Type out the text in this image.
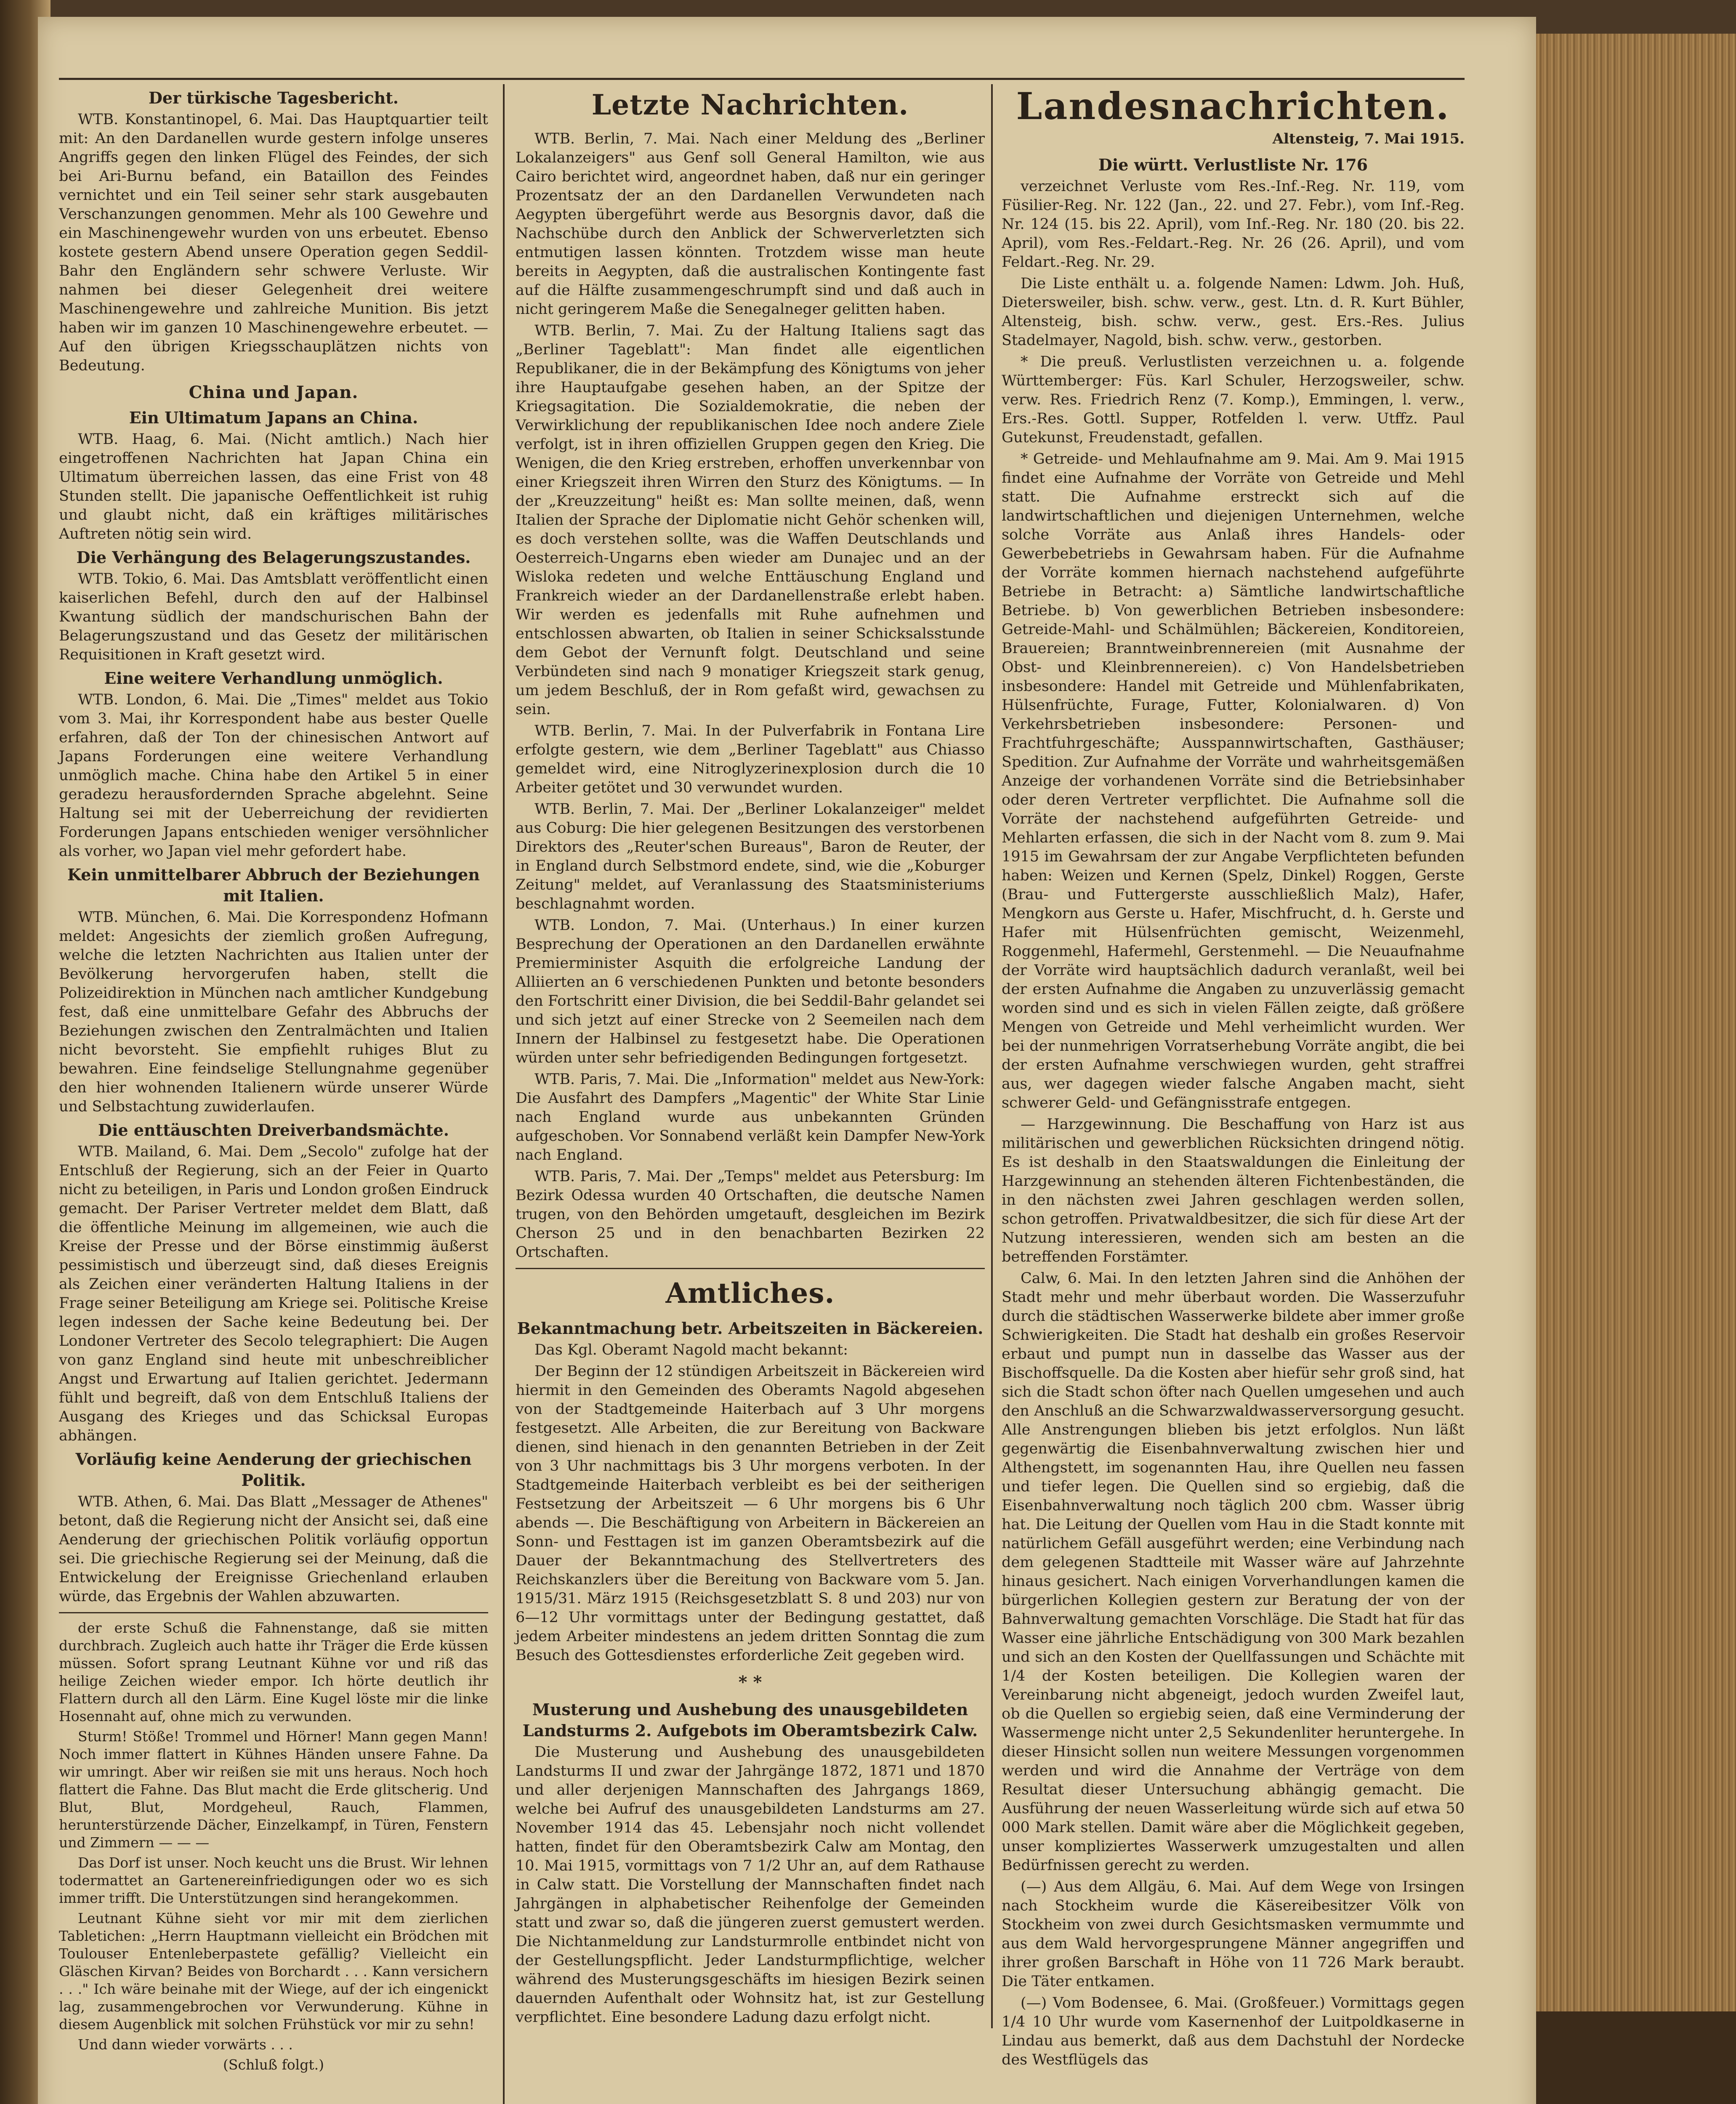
Der türkische Tagesbericht.

WTB. Konstantinopel, 6. Mai. Das Hauptquartier teilt mit: An den Dardanellen wurde gestern infolge unseres Angriffs gegen den linken Flügel des Feindes, der sich bei Ari-Burnu befand, ein Bataillon des Feindes vernichtet und ein Teil seiner sehr stark ausgebauten Verschanzungen genommen. Mehr als 100 Gewehre und ein Maschinengewehr wurden von uns erbeutet. Ebenso kostete gestern Abend unsere Operation gegen Seddil-Bahr den Engländern sehr schwere Verluste. Wir nahmen bei dieser Gelegenheit drei weitere Maschinengewehre und zahlreiche Munition. Bis jetzt haben wir im ganzen 10 Maschinengewehre erbeutet. — Auf den übrigen Kriegsschauplätzen nichts von Bedeutung.

China und Japan.
Ein Ultimatum Japans an China.

WTB. Haag, 6. Mai. (Nicht amtlich.) Nach hier eingetroffenen Nachrichten hat Japan China ein Ultimatum überreichen lassen, das eine Frist von 48 Stunden stellt. Die japanische Oeffentlichkeit ist ruhig und glaubt nicht, daß ein kräftiges militärisches Auftreten nötig sein wird.

Die Verhängung des Belagerungszustandes.

WTB. Tokio, 6. Mai. Das Amtsblatt veröffentlicht einen kaiserlichen Befehl, durch den auf der Halbinsel Kwantung südlich der mandschurischen Bahn der Belagerungszustand und das Gesetz der militärischen Requisitionen in Kraft gesetzt wird.

Eine weitere Verhandlung unmöglich.

WTB. London, 6. Mai. Die „Times" meldet aus Tokio vom 3. Mai, ihr Korrespondent habe aus bester Quelle erfahren, daß der Ton der chinesischen Antwort auf Japans Forderungen eine weitere Verhandlung unmöglich mache. China habe den Artikel 5 in einer geradezu herausfordernden Sprache abgelehnt. Seine Haltung sei mit der Ueberreichung der revidierten Forderungen Japans entschieden weniger versöhnlicher als vorher, wo Japan viel mehr gefordert habe.

Kein unmittelbarer Abbruch der Beziehungen mit Italien.

WTB. München, 6. Mai. Die Korrespondenz Hofmann meldet: Angesichts der ziemlich großen Aufregung, welche die letzten Nachrichten aus Italien unter der Bevölkerung hervorgerufen haben, stellt die Polizeidirektion in München nach amtlicher Kundgebung fest, daß eine unmittelbare Gefahr des Abbruchs der Beziehungen zwischen den Zentralmächten und Italien nicht bevorsteht. Sie empfiehlt ruhiges Blut zu bewahren. Eine feindselige Stellungnahme gegenüber den hier wohnenden Italienern würde unserer Würde und Selbstachtung zuwiderlaufen.

Die enttäuschten Dreiverbandsmächte.

WTB. Mailand, 6. Mai. Dem „Secolo" zufolge hat der Entschluß der Regierung, sich an der Feier in Quarto nicht zu beteiligen, in Paris und London großen Eindruck gemacht. Der Pariser Vertreter meldet dem Blatt, daß die öffentliche Meinung im allgemeinen, wie auch die Kreise der Presse und der Börse einstimmig äußerst pessimistisch und überzeugt sind, daß dieses Ereignis als Zeichen einer veränderten Haltung Italiens in der Frage seiner Beteiligung am Kriege sei. Politische Kreise legen indessen der Sache keine Bedeutung bei. Der Londoner Vertreter des Secolo telegraphiert: Die Augen von ganz England sind heute mit unbeschreiblicher Angst und Erwartung auf Italien gerichtet. Jedermann fühlt und begreift, daß von dem Entschluß Italiens der Ausgang des Krieges und das Schicksal Europas abhängen.

Vorläufig keine Aenderung der griechischen Politik.

WTB. Athen, 6. Mai. Das Blatt „Messager de Athenes" betont, daß die Regierung nicht der Ansicht sei, daß eine Aenderung der griechischen Politik vorläufig opportun sei. Die griechische Regierung sei der Meinung, daß die Entwickelung der Ereignisse Griechenland erlauben würde, das Ergebnis der Wahlen abzuwarten.

der erste Schuß die Fahnenstange, daß sie mitten durchbrach. Zugleich auch hatte ihr Träger die Erde küssen müssen. Sofort sprang Leutnant Kühne vor und riß das heilige Zeichen wieder empor. Ich hörte deutlich ihr Flattern durch all den Lärm. Eine Kugel löste mir die linke Hosennaht auf, ohne mich zu verwunden.

Sturm! Stöße! Trommel und Hörner! Mann gegen Mann! Noch immer flattert in Kühnes Händen unsere Fahne. Da wir umringt. Aber wir reißen sie mit uns heraus. Noch hoch flattert die Fahne. Das Blut macht die Erde glitscherig. Und Blut, Blut, Mordgeheul, Rauch, Flammen, herunterstürzende Dächer, Einzelkampf, in Türen, Fenstern und Zimmern — — —

Das Dorf ist unser. Noch keucht uns die Brust. Wir lehnen todermattet an Gartenereinfriedigungen oder wo es sich immer trifft. Die Unterstützungen sind herangekommen.

Leutnant Kühne sieht vor mir mit dem zierlichen Tabletichen: „Herrn Hauptmann vielleicht ein Brödchen mit Toulouser Entenleberpastete gefällig? Vielleicht ein Gläschen Kirvan? Beides von Borchardt . . . Kann versichern . . ." Ich wäre beinahe mit der Wiege, auf der ich eingenickt lag, zusammengebrochen vor Verwunderung. Kühne in diesem Augenblick mit solchen Frühstück vor mir zu sehn!

Und dann wieder vorwärts . . .

(Schluß folgt.)
Letzte Nachrichten.

WTB. Berlin, 7. Mai. Nach einer Meldung des „Berliner Lokalanzeigers" aus Genf soll General Hamilton, wie aus Cairo berichtet wird, angeordnet haben, daß nur ein geringer Prozentsatz der an den Dardanellen Verwundeten nach Aegypten übergeführt werde aus Besorgnis davor, daß die Nachschübe durch den Anblick der Schwerverletzten sich entmutigen lassen könnten. Trotzdem wisse man heute bereits in Aegypten, daß die australischen Kontingente fast auf die Hälfte zusammengeschrumpft sind und daß auch in nicht geringerem Maße die Senegalneger gelitten haben.

WTB. Berlin, 7. Mai. Zu der Haltung Italiens sagt das „Berliner Tageblatt": Man findet alle eigentlichen Republikaner, die in der Bekämpfung des Königtums von jeher ihre Hauptaufgabe gesehen haben, an der Spitze der Kriegsagitation. Die Sozialdemokratie, die neben der Verwirklichung der republikanischen Idee noch andere Ziele verfolgt, ist in ihren offiziellen Gruppen gegen den Krieg. Die Wenigen, die den Krieg erstreben, erhoffen unverkennbar von einer Kriegszeit ihren Wirren den Sturz des Königtums. — In der „Kreuzzeitung" heißt es: Man sollte meinen, daß, wenn Italien der Sprache der Diplomatie nicht Gehör schenken will, es doch verstehen sollte, was die Waffen Deutschlands und Oesterreich-Ungarns eben wieder am Dunajec und an der Wisloka redeten und welche Enttäuschung England und Frankreich wieder an der Dardanellenstraße erlebt haben. Wir werden es jedenfalls mit Ruhe aufnehmen und entschlossen abwarten, ob Italien in seiner Schicksalsstunde dem Gebot der Vernunft folgt. Deutschland und seine Verbündeten sind nach 9 monatiger Kriegszeit stark genug, um jedem Beschluß, der in Rom gefaßt wird, gewachsen zu sein.

WTB. Berlin, 7. Mai. In der Pulverfabrik in Fontana Lire erfolgte gestern, wie dem „Berliner Tageblatt" aus Chiasso gemeldet wird, eine Nitroglyzerinexplosion durch die 10 Arbeiter getötet und 30 verwundet wurden.

WTB. Berlin, 7. Mai. Der „Berliner Lokalanzeiger" meldet aus Coburg: Die hier gelegenen Besitzungen des verstorbenen Direktors des „Reuter'schen Bureaus", Baron de Reuter, der in England durch Selbstmord endete, sind, wie die „Koburger Zeitung" meldet, auf Veranlassung des Staatsministeriums beschlagnahmt worden.

WTB. London, 7. Mai. (Unterhaus.) In einer kurzen Besprechung der Operationen an den Dardanellen erwähnte Premierminister Asquith die erfolgreiche Landung der Alliierten an 6 verschiedenen Punkten und betonte besonders den Fortschritt einer Division, die bei Seddil-Bahr gelandet sei und sich jetzt auf einer Strecke von 2 Seemeilen nach dem Innern der Halbinsel zu festgesetzt habe. Die Operationen würden unter sehr befriedigenden Bedingungen fortgesetzt.

WTB. Paris, 7. Mai. Die „Information" meldet aus New-York: Die Ausfahrt des Dampfers „Magentic" der White Star Linie nach England wurde aus unbekannten Gründen aufgeschoben. Vor Sonnabend verläßt kein Dampfer New-York nach England.

WTB. Paris, 7. Mai. Der „Temps" meldet aus Petersburg: Im Bezirk Odessa wurden 40 Ortschaften, die deutsche Namen trugen, von den Behörden umgetauft, desgleichen im Bezirk Cherson 25 und in den benachbarten Bezirken 22 Ortschaften.

Amtliches.
Bekanntmachung betr. Arbeitszeiten in Bäckereien.

Das Kgl. Oberamt Nagold macht bekannt:

Der Beginn der 12 stündigen Arbeitszeit in Bäckereien wird hiermit in den Gemeinden des Oberamts Nagold abgesehen von der Stadtgemeinde Haiterbach auf 3 Uhr morgens festgesetzt. Alle Arbeiten, die zur Bereitung von Backware dienen, sind hienach in den genannten Betrieben in der Zeit von 3 Uhr nachmittags bis 3 Uhr morgens verboten. In der Stadtgemeinde Haiterbach verbleibt es bei der seitherigen Festsetzung der Arbeitszeit — 6 Uhr morgens bis 6 Uhr abends —. Die Beschäftigung von Arbeitern in Bäckereien an Sonn- und Festtagen ist im ganzen Oberamtsbezirk auf die Dauer der Bekanntmachung des Stellvertreters des Reichskanzlers über die Bereitung von Backware vom 5. Jan. 1915/31. März 1915 (Reichsgesetzblatt S. 8 und 203) nur von 6—12 Uhr vormittags unter der Bedingung gestattet, daß jedem Arbeiter mindestens an jedem dritten Sonntag die zum Besuch des Gottesdienstes erforderliche Zeit gegeben wird.

* *
Musterung und Aushebung des unausgebildeten Landsturms 2. Aufgebots im Oberamtsbezirk Calw.

Die Musterung und Aushebung des unausgebildeten Landsturms II und zwar der Jahrgänge 1872, 1871 und 1870 und aller derjenigen Mannschaften des Jahrgangs 1869, welche bei Aufruf des unausgebildeten Landsturms am 27. November 1914 das 45. Lebensjahr noch nicht vollendet hatten, findet für den Oberamtsbezirk Calw am Montag, den 10. Mai 1915, vormittags von 7 1/2 Uhr an, auf dem Rathause in Calw statt. Die Vorstellung der Mannschaften findet nach Jahrgängen in alphabetischer Reihenfolge der Gemeinden statt und zwar so, daß die jüngeren zuerst gemustert werden. Die Nichtanmeldung zur Landsturmrolle entbindet nicht von der Gestellungspflicht. Jeder Landsturmpflichtige, welcher während des Musterungsgeschäfts im hiesigen Bezirk seinen dauernden Aufenthalt oder Wohnsitz hat, ist zur Gestellung verpflichtet. Eine besondere Ladung dazu erfolgt nicht.

Landesnachrichten.
Altensteig, 7. Mai 1915.
Die württ. Verlustliste Nr. 176

verzeichnet Verluste vom Res.-Inf.-Reg. Nr. 119, vom Füsilier-Reg. Nr. 122 (Jan., 22. und 27. Febr.), vom Inf.-Reg. Nr. 124 (15. bis 22. April), vom Inf.-Reg. Nr. 180 (20. bis 22. April), vom Res.-Feldart.-Reg. Nr. 26 (26. April), und vom Feldart.-Reg. Nr. 29.

Die Liste enthält u. a. folgende Namen: Ldwm. Joh. Huß, Dietersweiler, bish. schw. verw., gest. Ltn. d. R. Kurt Bühler, Altensteig, bish. schw. verw., gest. Ers.-Res. Julius Stadelmayer, Nagold, bish. schw. verw., gestorben.

* Die preuß. Verlustlisten verzeichnen u. a. folgende Württemberger: Füs. Karl Schuler, Herzogsweiler, schw. verw. Res. Friedrich Renz (7. Komp.), Emmingen, l. verw., Ers.-Res. Gottl. Supper, Rotfelden l. verw. Utffz. Paul Gutekunst, Freudenstadt, gefallen.

* Getreide- und Mehlaufnahme am 9. Mai. Am 9. Mai 1915 findet eine Aufnahme der Vorräte von Getreide und Mehl statt. Die Aufnahme erstreckt sich auf die landwirtschaftlichen und diejenigen Unternehmen, welche solche Vorräte aus Anlaß ihres Handels- oder Gewerbebetriebs in Gewahrsam haben. Für die Aufnahme der Vorräte kommen hiernach nachstehend aufgeführte Betriebe in Betracht: a) Sämtliche landwirtschaftliche Betriebe. b) Von gewerblichen Betrieben insbesondere: Getreide-Mahl- und Schälmühlen; Bäckereien, Konditoreien, Brauereien; Branntweinbrennereien (mit Ausnahme der Obst- und Kleinbrennereien). c) Von Handelsbetrieben insbesondere: Handel mit Getreide und Mühlenfabrikaten, Hülsenfrüchte, Furage, Futter, Kolonialwaren. d) Von Verkehrsbetrieben insbesondere: Personen- und Frachtfuhrgeschäfte; Ausspannwirtschaften, Gasthäuser; Spedition. Zur Aufnahme der Vorräte und wahrheitsgemäßen Anzeige der vorhandenen Vorräte sind die Betriebsinhaber oder deren Vertreter verpflichtet. Die Aufnahme soll die Vorräte der nachstehend aufgeführten Getreide- und Mehlarten erfassen, die sich in der Nacht vom 8. zum 9. Mai 1915 im Gewahrsam der zur Angabe Verpflichteten befunden haben: Weizen und Kernen (Spelz, Dinkel) Roggen, Gerste (Brau- und Futtergerste ausschließlich Malz), Hafer, Mengkorn aus Gerste u. Hafer, Mischfrucht, d. h. Gerste und Hafer mit Hülsenfrüchten gemischt, Weizenmehl, Roggenmehl, Hafermehl, Gerstenmehl. — Die Neuaufnahme der Vorräte wird hauptsächlich dadurch veranlaßt, weil bei der ersten Aufnahme die Angaben zu unzuverlässig gemacht worden sind und es sich in vielen Fällen zeigte, daß größere Mengen von Getreide und Mehl verheimlicht wurden. Wer bei der nunmehrigen Vorratserhebung Vorräte angibt, die bei der ersten Aufnahme verschwiegen wurden, geht straffrei aus, wer dagegen wieder falsche Angaben macht, sieht schwerer Geld- und Gefängnisstrafe entgegen.

— Harzgewinnung. Die Beschaffung von Harz ist aus militärischen und gewerblichen Rücksichten dringend nötig. Es ist deshalb in den Staatswaldungen die Einleitung der Harzgewinnung an stehenden älteren Fichtenbeständen, die in den nächsten zwei Jahren geschlagen werden sollen, schon getroffen. Privatwaldbesitzer, die sich für diese Art der Nutzung interessieren, wenden sich am besten an die betreffenden Forstämter.

Calw, 6. Mai. In den letzten Jahren sind die Anhöhen der Stadt mehr und mehr überbaut worden. Die Wasserzufuhr durch die städtischen Wasserwerke bildete aber immer große Schwierigkeiten. Die Stadt hat deshalb ein großes Reservoir erbaut und pumpt nun in dasselbe das Wasser aus der Bischoffsquelle. Da die Kosten aber hiefür sehr groß sind, hat sich die Stadt schon öfter nach Quellen umgesehen und auch den Anschluß an die Schwarzwaldwasserversorgung gesucht. Alle Anstrengungen blieben bis jetzt erfolglos. Nun läßt gegenwärtig die Eisenbahnverwaltung zwischen hier und Althengstett, im sogenannten Hau, ihre Quellen neu fassen und tiefer legen. Die Quellen sind so ergiebig, daß die Eisenbahnverwaltung noch täglich 200 cbm. Wasser übrig hat. Die Leitung der Quellen vom Hau in die Stadt konnte mit natürlichem Gefäll ausgeführt werden; eine Verbindung nach dem gelegenen Stadtteile mit Wasser wäre auf Jahrzehnte hinaus gesichert. Nach einigen Vorverhandlungen kamen die bürgerlichen Kollegien gestern zur Beratung der von der Bahnverwaltung gemachten Vorschläge. Die Stadt hat für das Wasser eine jährliche Entschädigung von 300 Mark bezahlen und sich an den Kosten der Quellfassungen und Schächte mit 1/4 der Kosten beteiligen. Die Kollegien waren der Vereinbarung nicht abgeneigt, jedoch wurden Zweifel laut, ob die Quellen so ergiebig seien, daß eine Verminderung der Wassermenge nicht unter 2,5 Sekundenliter heruntergehe. In dieser Hinsicht sollen nun weitere Messungen vorgenommen werden und wird die Annahme der Verträge von dem Resultat dieser Untersuchung abhängig gemacht. Die Ausführung der neuen Wasserleitung würde sich auf etwa 50 000 Mark stellen. Damit wäre aber die Möglichkeit gegeben, unser kompliziertes Wasserwerk umzugestalten und allen Bedürfnissen gerecht zu werden.

(—) Aus dem Allgäu, 6. Mai. Auf dem Wege von Irsingen nach Stockheim wurde die Käsereibesitzer Völk von Stockheim von zwei durch Gesichtsmasken vermummte und aus dem Wald hervorgesprungene Männer angegriffen und ihrer großen Barschaft in Höhe von 11 726 Mark beraubt. Die Täter entkamen.

(—) Vom Bodensee, 6. Mai. (Großfeuer.) Vormittags gegen 1/4 10 Uhr wurde vom Kasernenhof der Luitpoldkaserne in Lindau aus bemerkt, daß aus dem Dachstuhl der Nordecke des Westflügels das
